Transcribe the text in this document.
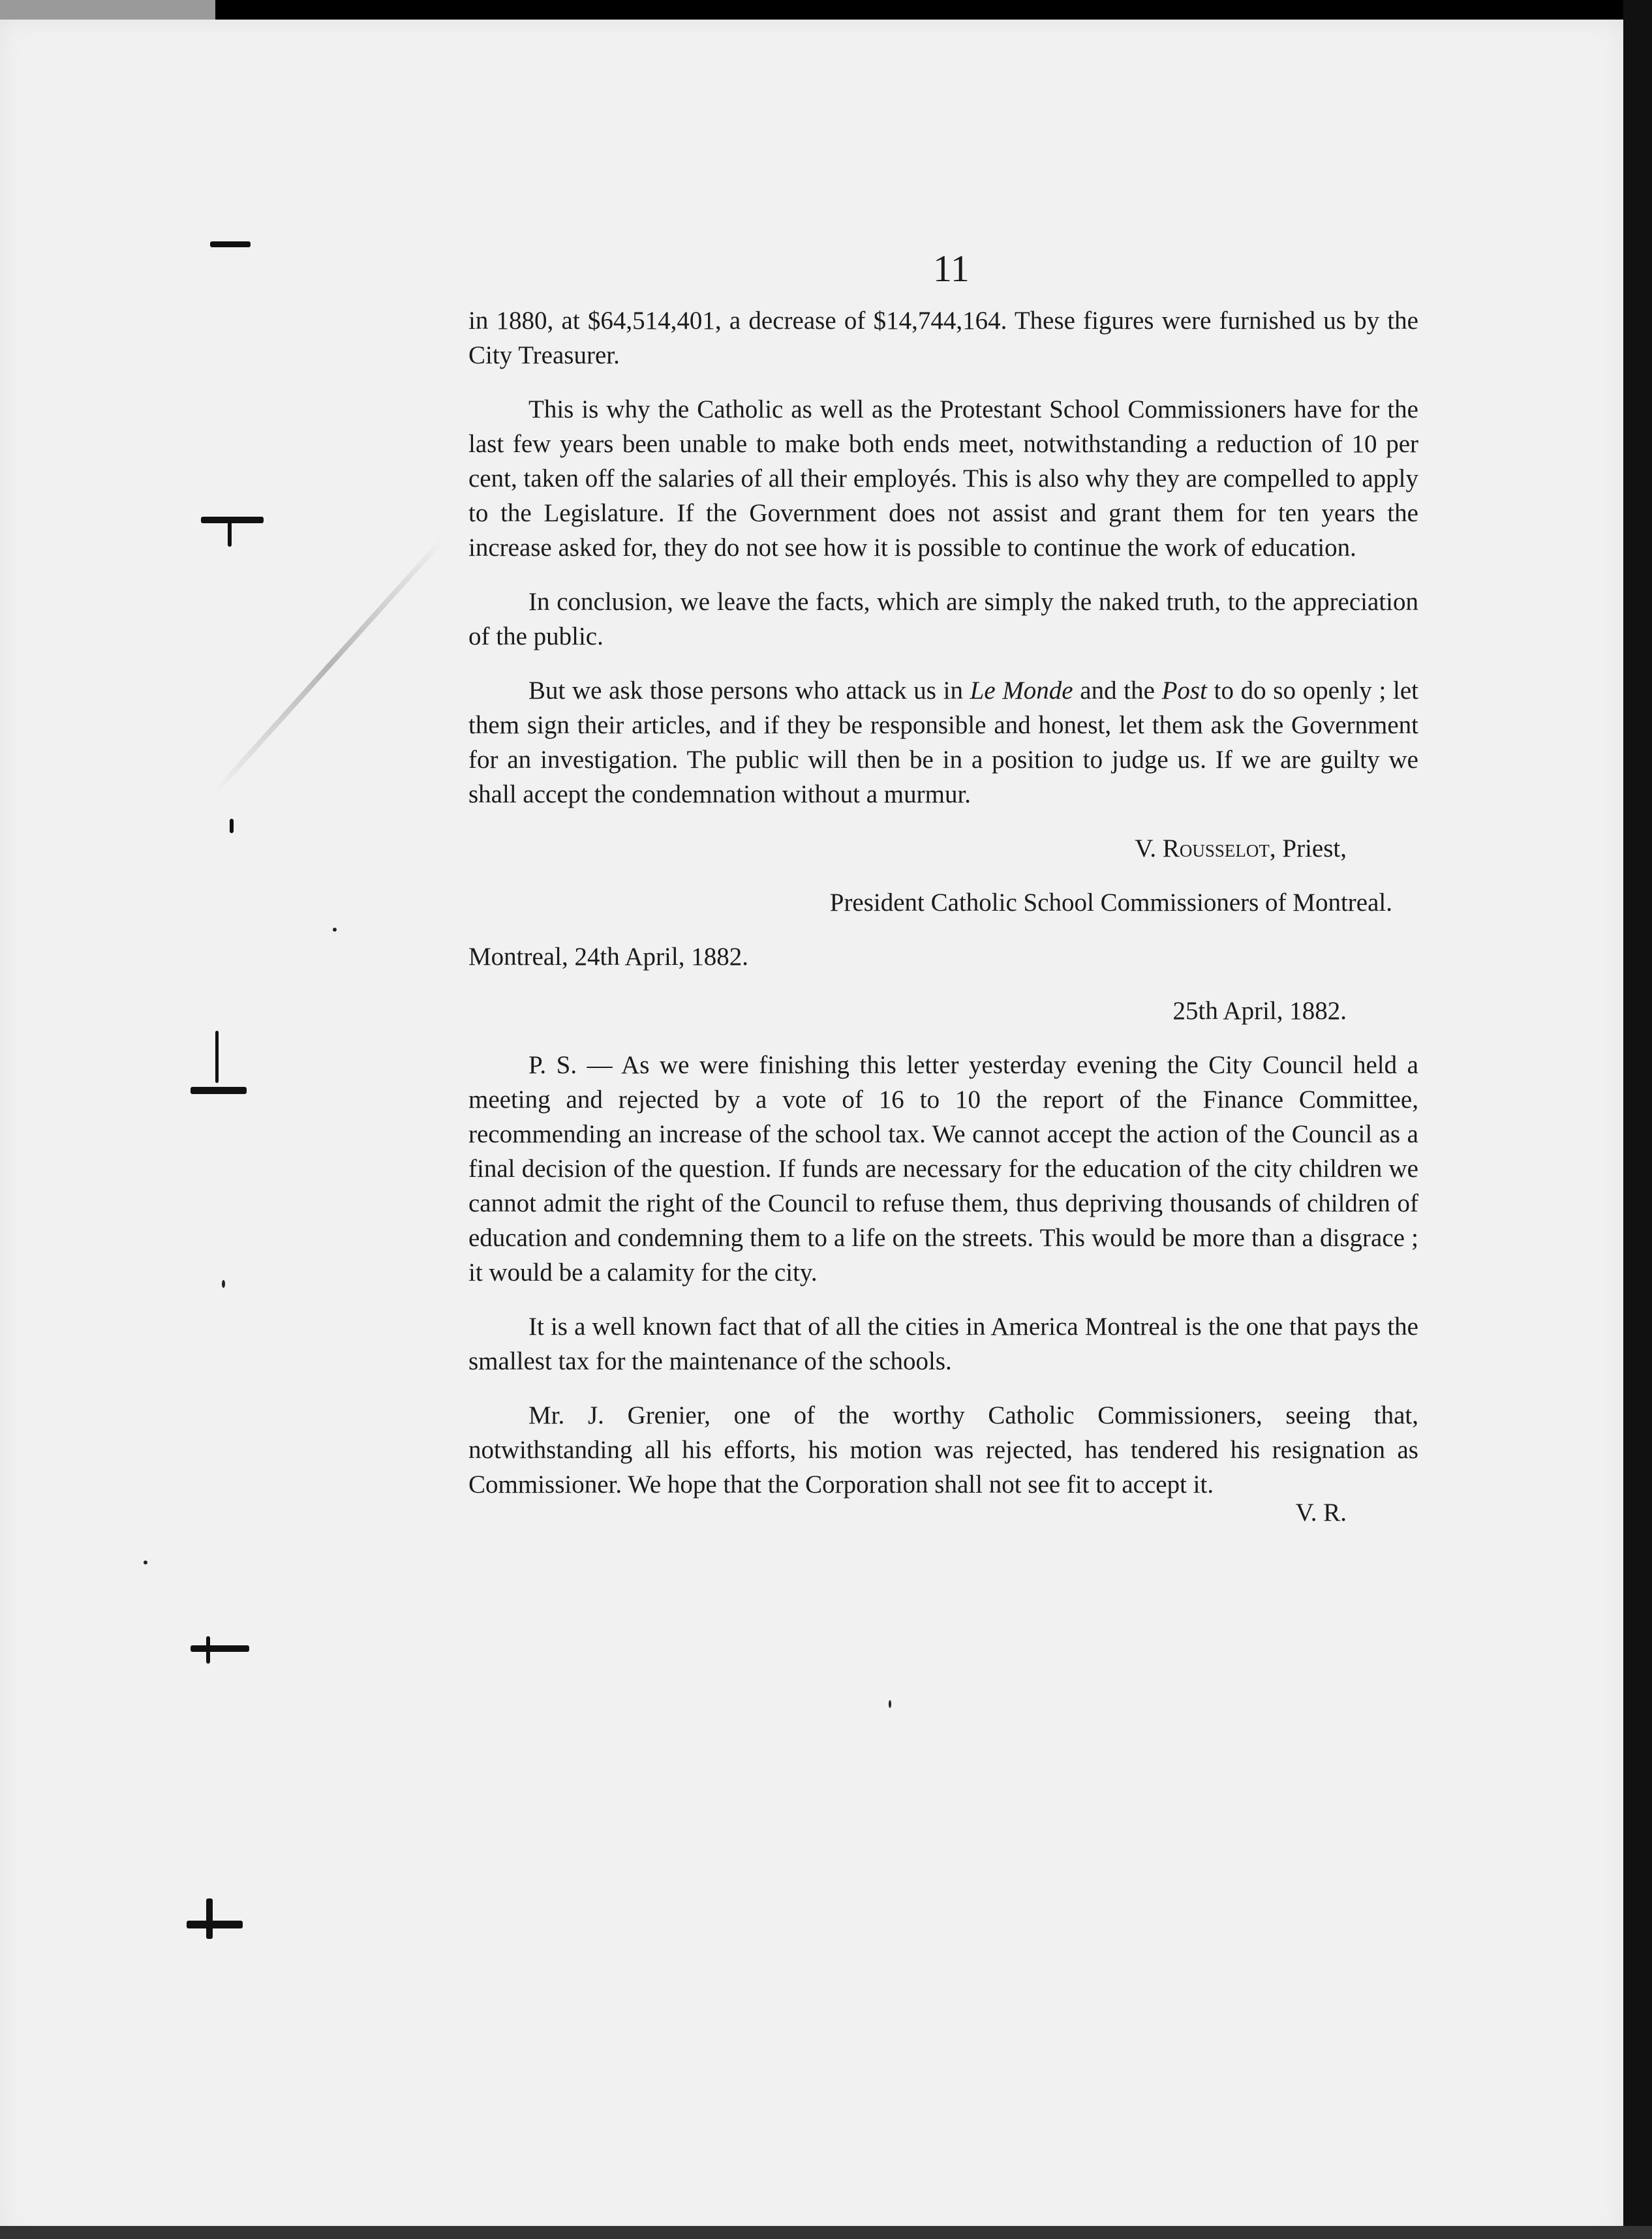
11

in 1880, at $64,514,401, a decrease of $14,744,164. These figures were furnished us by the City Treasurer.

This is why the Catholic as well as the Protestant School Commissioners have for the last few years been unable to make both ends meet, notwithstanding a reduction of 10 per cent, taken off the salaries of all their employés. This is also why they are compelled to apply to the Legislature. If the Government does not assist and grant them for ten years the increase asked for, they do not see how it is possible to continue the work of education.

In conclusion, we leave the facts, which are simply the naked truth, to the appreciation of the public.

But we ask those persons who attack us in Le Monde and the Post to do so openly ; let them sign their articles, and if they be responsible and honest, let them ask the Government for an investigation. The public will then be in a position to judge us. If we are guilty we shall accept the condemnation without a murmur.

V. Rousselot, Priest,

President Catholic School Commissioners of Montreal.

Montreal, 24th April, 1882.

25th April, 1882.

P. S. — As we were finishing this letter yesterday evening the City Council held a meeting and rejected by a vote of 16 to 10 the report of the Finance Committee, recommending an increase of the school tax. We cannot accept the action of the Council as a final decision of the question. If funds are necessary for the education of the city children we cannot admit the right of the Council to refuse them, thus depriving thousands of children of education and condemning them to a life on the streets. This would be more than a disgrace ; it would be a calamity for the city.

It is a well known fact that of all the cities in America Montreal is the one that pays the smallest tax for the maintenance of the schools.

Mr. J. Grenier, one of the worthy Catholic Commissioners, seeing that, notwithstanding all his efforts, his motion was rejected, has tendered his resignation as Commissioner. We hope that the Corporation shall not see fit to accept it.

V. R.
